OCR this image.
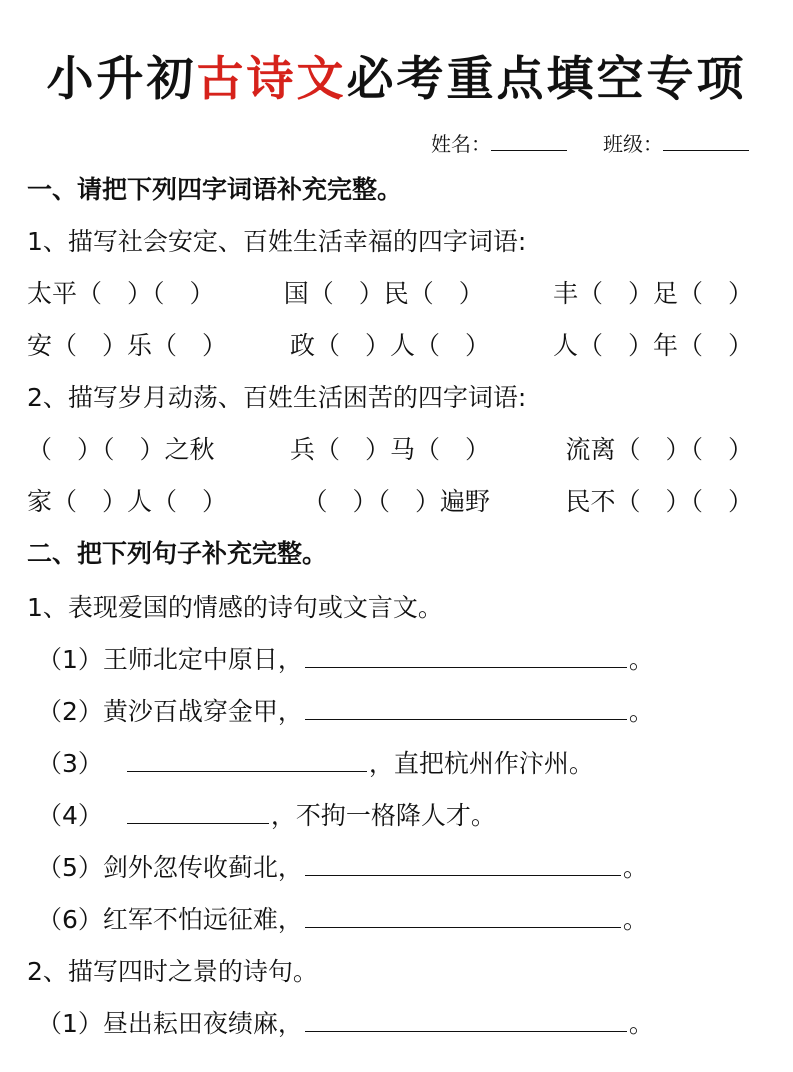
小升初古诗文必考重点填空专项
姓名：	班级：
一、请把下列四字词语补充完整。
1、描写社会安定、百姓生活幸福的四字词语:
太平（　）（　）	国（　）民（　）	丰（　）足（　）
安（　）乐（　）	政（　）人（　）	人（　）年（　）
2、描写岁月动荡、百姓生活困苦的四字词语:
（　）（　）之秋	兵（　）马（　）	流离（　）（　）
家（　）人（　）	（　）（　）遍野	民不（　）（　）
二、把下列句子补充完整。
1、表现爱国的情感的诗句或文言文。
（1）王师北定中原日，	。
（2）黄沙百战穿金甲，	。
（3）	，直把杭州作汴州。
（4）	，不拘一格降人才。
（5）剑外忽传收蓟北，	。
（6）红军不怕远征难，	。
2、描写四时之景的诗句。
（1）昼出耘田夜绩麻，	。
